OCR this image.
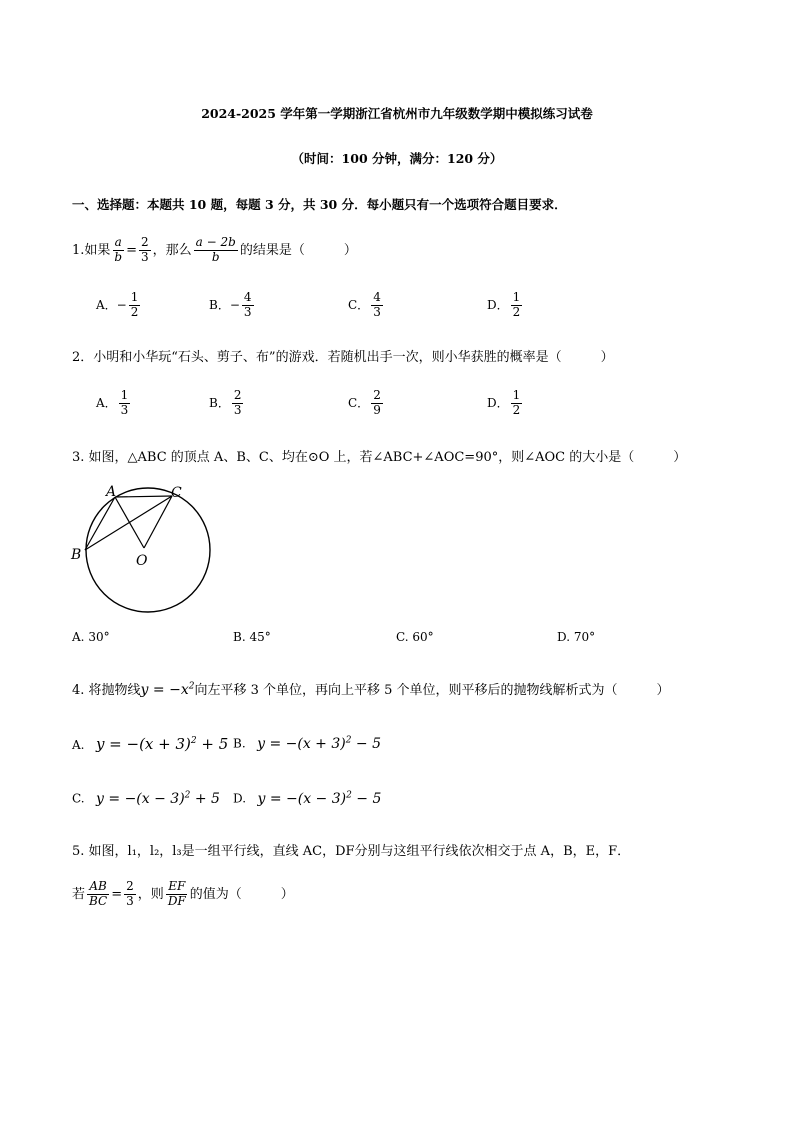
2024-2025 学年第一学期浙江省杭州市九年级数学期中模拟练习试卷
（时间：100 分钟，满分：120 分）
一、选择题：本题共 10 题，每题 3 分，共 30 分．每小题只有一个选项符合题目要求．
1.如果 $\frac{a}{b} = \frac{2}{3}$ ，那么 $\frac{a - 2b}{b}$ 的结果是（　　　）
A．− $\frac{1}{2}$	B．− $\frac{4}{3}$	C． $\frac{4}{3}$	D． $\frac{1}{2}$
2．小明和小华玩“石头、剪子、布”的游戏．若随机出手一次，则小华获胜的概率是（　　　）
A． $\frac{1}{3}$	B． $\frac{2}{3}$	C． $\frac{2}{9}$	D． $\frac{1}{2}$
3. 如图，△ABC 的顶点 A、B、C、均在⊙O 上，若∠ABC+∠AOC=90°，则∠AOC 的大小是（　　　）
A	C
B	O
A. 30°	B. 45°	C. 60°	D. 70°
4. 将抛物线$y = -x^2$向左平移 3 个单位，再向上平移 5 个单位，则平移后的抛物线解析式为（　　　）
A. $y = -(x + 3)^2 + 5$ B. $y = -(x + 3)^2 - 5$
C. $y = -(x - 3)^2 + 5$ D. $y = -(x - 3)^2 - 5$
5. 如图，l₁，l₂，l₃是一组平行线，直线 AC，DF分别与这组平行线依次相交于点 A，B，E，F．
若 $\frac{AB}{BC} = \frac{2}{3}$ ，则 $\frac{EF}{DF}$ 的值为（　　　）
